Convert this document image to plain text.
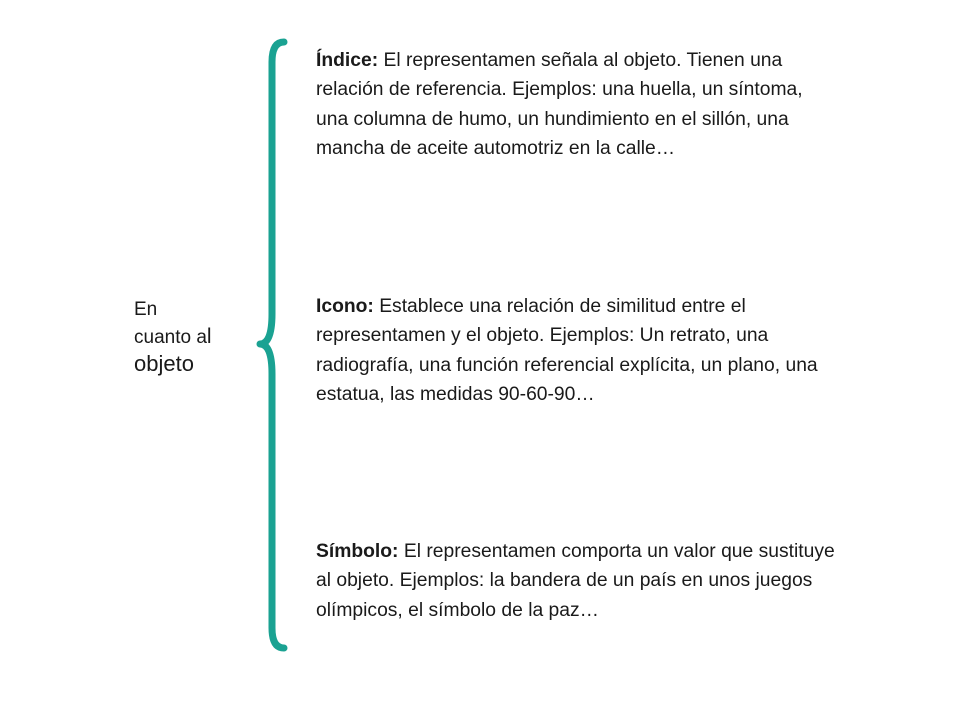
En
cuanto al
objeto
Índice: El representamen señala al objeto. Tienen una relación de referencia. Ejemplos: una huella, un síntoma, una columna de humo, un hundimiento en el sillón, una mancha de aceite automotriz en la calle…
Icono: Establece una relación de similitud entre el representamen y el objeto. Ejemplos: Un retrato, una radiografía, una función referencial explícita, un plano, una estatua, las medidas 90-60-90…
Símbolo: El representamen comporta un valor que sustituye al objeto. Ejemplos: la bandera de un país en unos juegos olímpicos, el símbolo de la paz…
